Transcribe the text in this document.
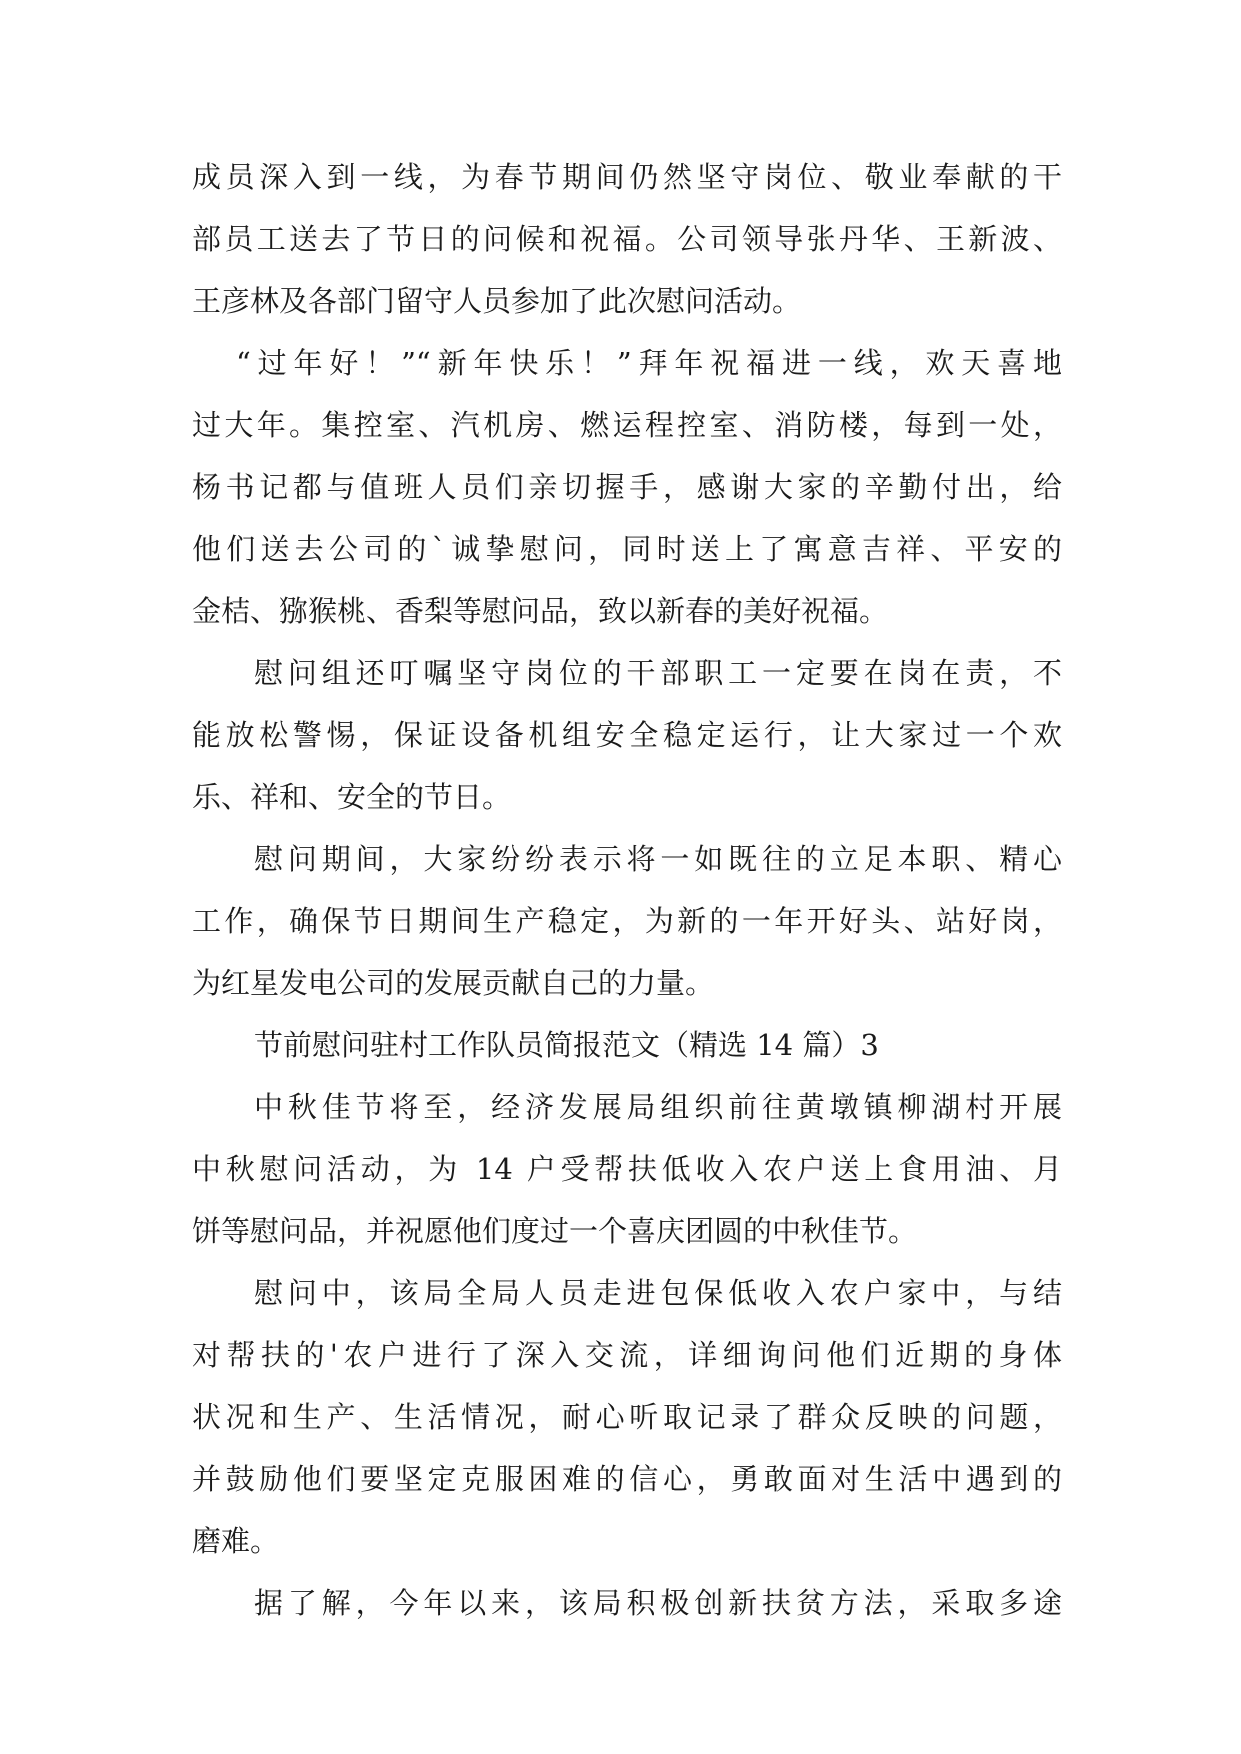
成员深入到一线，为春节期间仍然坚守岗位、敬业奉献的干
部员工送去了节日的问候和祝福。公司领导张丹华、王新波、
王彦林及各部门留守人员参加了此次慰问活动。
“过年好！”“新年快乐！”拜年祝福进一线，欢天喜地
过大年。集控室、汽机房、燃运程控室、消防楼，每到一处，
杨书记都与值班人员们亲切握手，感谢大家的辛勤付出，给
他们送去公司的`诚挚慰问，同时送上了寓意吉祥、平安的
金桔、猕猴桃、香梨等慰问品，致以新春的美好祝福。
慰问组还叮嘱坚守岗位的干部职工一定要在岗在责，不
能放松警惕，保证设备机组安全稳定运行，让大家过一个欢
乐、祥和、安全的节日。
慰问期间，大家纷纷表示将一如既往的立足本职、精心
工作，确保节日期间生产稳定，为新的一年开好头、站好岗，
为红星发电公司的发展贡献自己的力量。
节前慰问驻村工作队员简报范文（精选 14 篇）3
中秋佳节将至，经济发展局组织前往黄墩镇柳湖村开展
中秋慰问活动，为 14 户受帮扶低收入农户送上食用油、月
饼等慰问品，并祝愿他们度过一个喜庆团圆的中秋佳节。
慰问中，该局全局人员走进包保低收入农户家中，与结
对帮扶的'农户进行了深入交流，详细询问他们近期的身体
状况和生产、生活情况，耐心听取记录了群众反映的问题，
并鼓励他们要坚定克服困难的信心，勇敢面对生活中遇到的
磨难。
据了解，今年以来，该局积极创新扶贫方法，采取多途
